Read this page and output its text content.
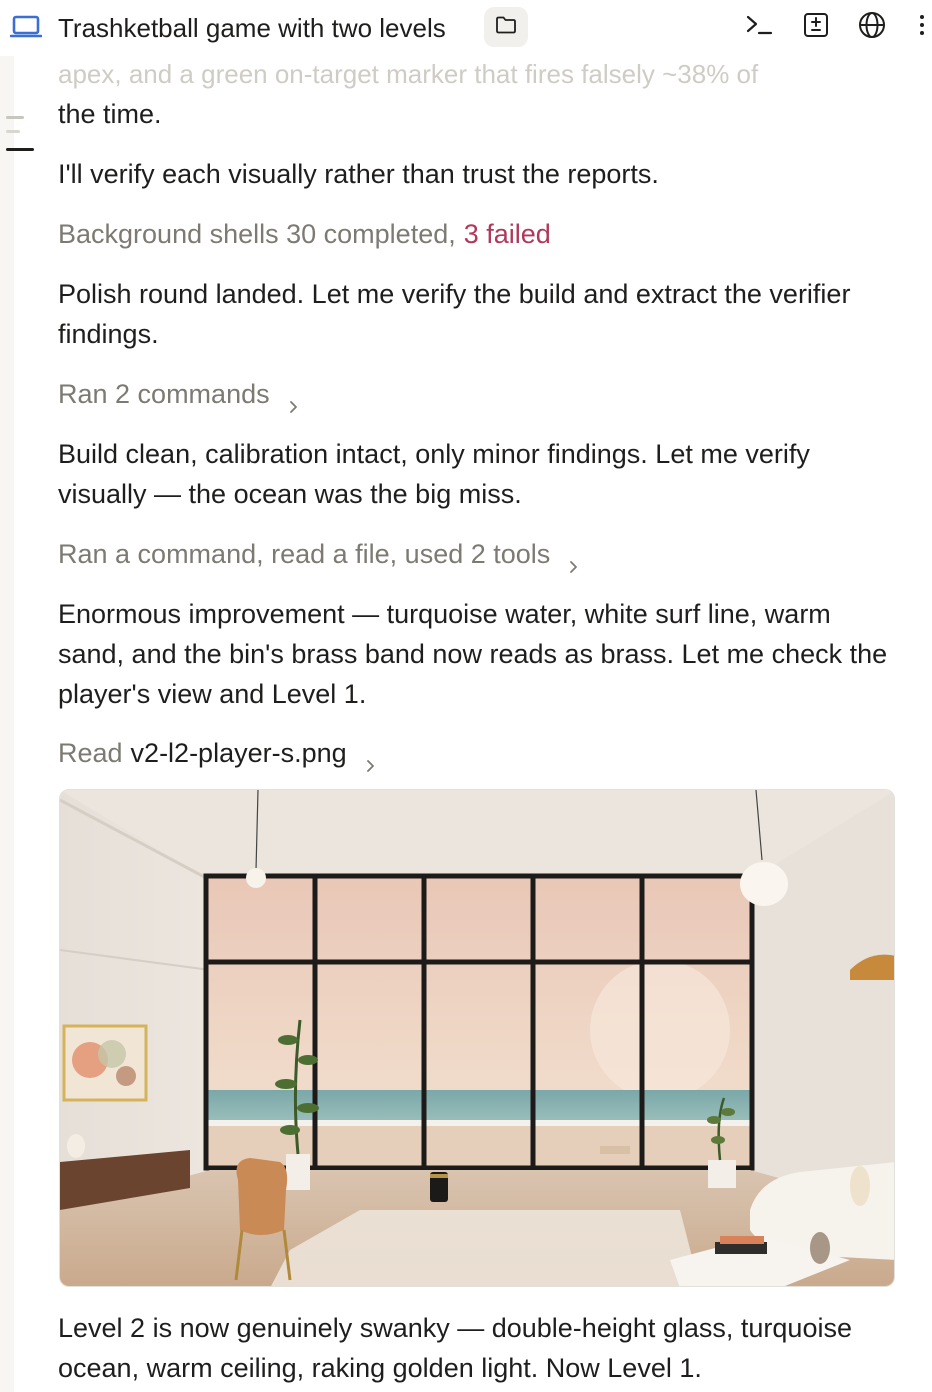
Trashketball game with two levels
apex, and a green on-target marker that fires falsely ~38% of
the time.
I'll verify each visually rather than trust the reports.
Background shells 30 completed, 3 failed
Polish round landed. Let me verify the build and extract the verifier findings.
Ran 2 commands
Build clean, calibration intact, only minor findings. Let me verify visually — the ocean was the big miss.
Ran a command, read a file, used 2 tools
Enormous improvement — turquoise water, white surf line, warm sand, and the bin's brass band now reads as brass. Let me check the player's view and Level 1.
Read v2-l2-player-s.png
Level 2 is now genuinely swanky — double-height glass, turquoise ocean, warm ceiling, raking golden light. Now Level 1.
